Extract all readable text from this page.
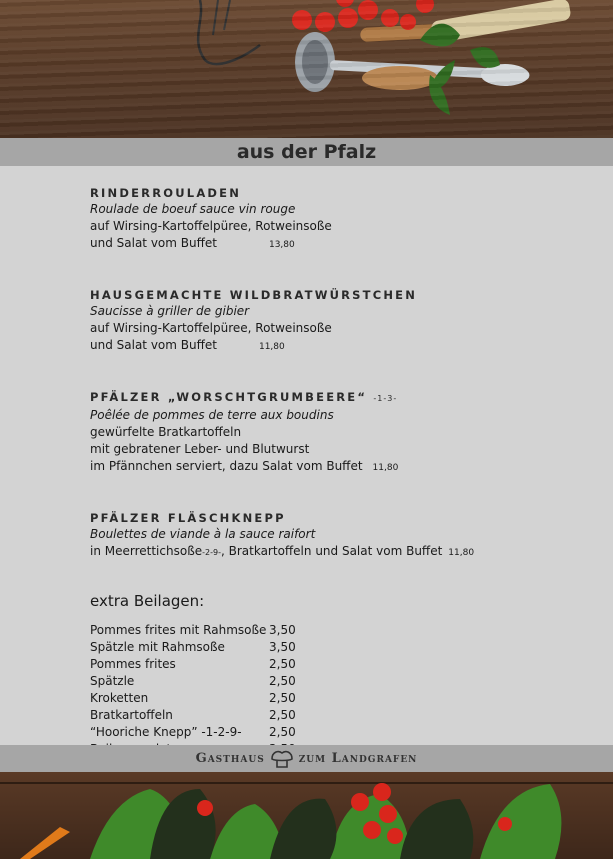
aus der Pfalz
RINDERROULADEN
Roulade de boeuf sauce vin rouge
auf Wirsing-Kartoffelpüree, Rotweinsoße
und Salat vom Buffet	13,80
HAUSGEMACHTE WILDBRATWÜRSTCHEN
Saucisse à griller de gibier
auf Wirsing-Kartoffelpüree, Rotweinsoße
und Salat vom Buffet	11,80
PFÄLZER „WORSCHTGRUMBEERE“ -1-3-
Poêlée de pommes de terre aux boudins
gewürfelte Bratkartoffeln
mit gebratener Leber- und Blutwurst
im Pfännchen serviert, dazu Salat vom Buffet 11,80
PFÄLZER FLÄSCHKNEPP
Boulettes de viande à la sauce raifort
in Meerrettichsoße-2-9-, Bratkartoffeln und Salat vom Buffet 11,80
extra Beilagen:
Pommes frites mit Rahmsoße 3,50
Spätzle mit Rahmsoße	3,50
Pommes frites	2,50
Spätzle	2,50
Kroketten	2,50
Bratkartoffeln	2,50
“Hooriche Knepp” -1-2-9-	2,50
Gasthaus	zum Landgrafen
